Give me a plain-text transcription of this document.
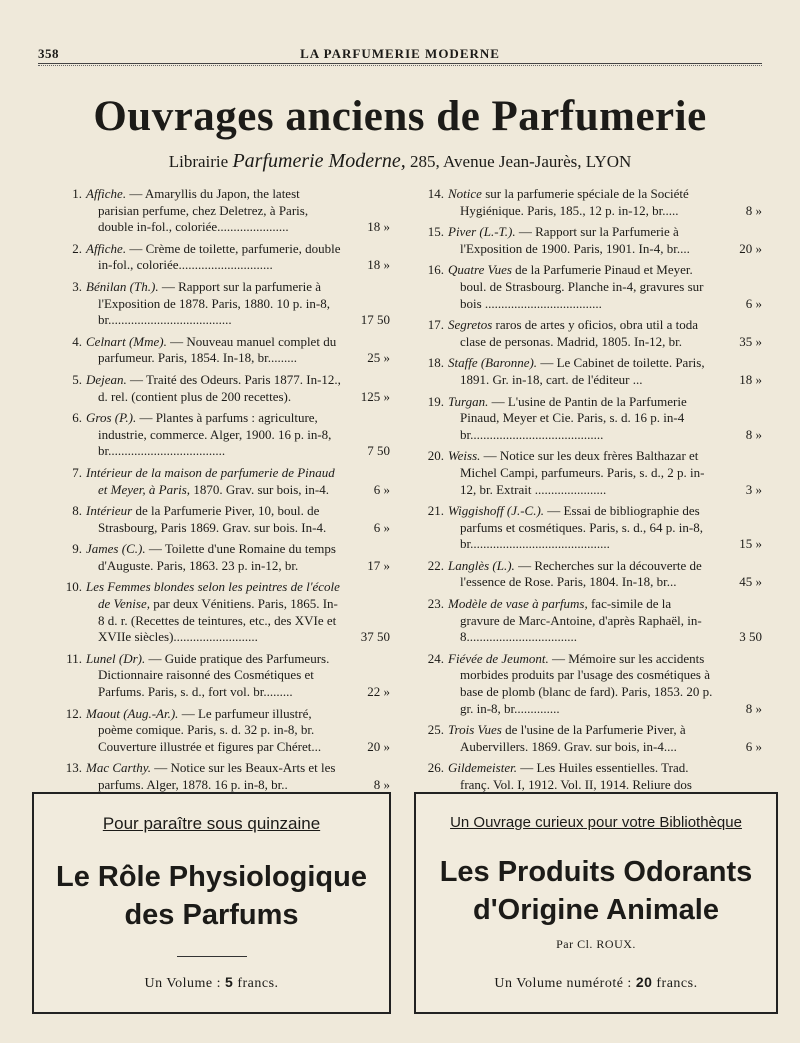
358	LA PARFUMERIE MODERNE
Ouvrages anciens de Parfumerie
Librairie Parfumerie Moderne, 285, Avenue Jean-Jaurès, LYON
1. Affiche. — Amaryllis du Japon, the latest parisian perfume, chez Deletrez, à Paris, double in-fol., coloriée......................	18 »
2. Affiche. — Crème de toilette, parfumerie, double in-fol., coloriée.............................	18 »
3. Bénilan (Th.). — Rapport sur la parfumerie à l'Exposition de 1878. Paris, 1880. 10 p. in-8, br......................................	17 50
4. Celnart (Mme). — Nouveau manuel complet du parfumeur. Paris, 1854. In-18, br.........	25 »
5. Dejean. — Traité des Odeurs. Paris 1877. In-12., d. rel. (contient plus de 200 recettes).	125 »
6. Gros (P.). — Plantes à parfums : agriculture, industrie, commerce. Alger, 1900. 16 p. in-8, br....................................	7 50
7. Intérieur de la maison de parfumerie de Pinaud et Meyer, à Paris, 1870. Grav. sur bois, in-4.	6 »
8. Intérieur de la Parfumerie Piver, 10, boul. de Strasbourg, Paris 1869. Grav. sur bois. In-4.	6 »
9. James (C.). — Toilette d'une Romaine du temps d'Auguste. Paris, 1863. 23 p. in-12, br.	17 »
10. Les Femmes blondes selon les peintres de l'école de Venise, par deux Vénitiens. Paris, 1865. In-8 d. r. (Recettes de teintures, etc., des XVIe et XVIIe siècles)..........................	37 50
11. Lunel (Dr). — Guide pratique des Parfumeurs. Dictionnaire raisonné des Cosmétiques et Parfums. Paris, s. d., fort vol. br.........	22 »
12. Maout (Aug.-Ar.). — Le parfumeur illustré, poème comique. Paris, s. d. 32 p. in-8, br. Couverture illustrée et figures par Chéret...	20 »
13. Mac Carthy. — Notice sur les Beaux-Arts et les parfums. Alger, 1878. 16 p. in-8, br..	8 »
14. Notice sur la parfumerie spéciale de la Société Hygiénique. Paris, 185., 12 p. in-12, br.....	8 »
15. Piver (L.-T.). — Rapport sur la Parfumerie à l'Exposition de 1900. Paris, 1901. In-4, br....	20 »
16. Quatre Vues de la Parfumerie Pinaud et Meyer. boul. de Strasbourg. Planche in-4, gravures sur bois ....................................	6 »
17. Segretos raros de artes y oficios, obra util a toda clase de personas. Madrid, 1805. In-12, br.	35 »
18. Staffe (Baronne). — Le Cabinet de toilette. Paris, 1891. Gr. in-18, cart. de l'éditeur ...	18 »
19. Turgan. — L'usine de Pantin de la Parfumerie Pinaud, Meyer et Cie. Paris, s. d. 16 p. in-4 br.........................................	8 »
20. Weiss. — Notice sur les deux frères Balthazar et Michel Campi, parfumeurs. Paris, s. d., 2 p. in-12, br. Extrait ......................	3 »
21. Wiggishoff (J.-C.). — Essai de bibliographie des parfums et cosmétiques. Paris, s. d., 64 p. in-8, br...........................................	15 »
22. Langlès (L.). — Recherches sur la découverte de l'essence de Rose. Paris, 1804. In-18, br...	45 »
23. Modèle de vase à parfums, fac-simile de la gravure de Marc-Antoine, d'après Raphaël, in-8..................................	3 50
24. Fiévée de Jeumont. — Mémoire sur les accidents morbides produits par l'usage des cosmétiques à base de plomb (blanc de fard). Paris, 1853. 20 p. gr. in-8, br..............	8 »
25. Trois Vues de l'usine de la Parfumerie Piver, à Aubervillers. 1869. Grav. sur bois, in-4....	6 »
26. Gildemeister. — Les Huiles essentielles. Trad. franç. Vol. I, 1912. Vol. II, 1914. Reliure dos
Pour paraître sous quinzaine
Le Rôle Physiologique
des Parfums
Un Volume : 5 francs.
Un Ouvrage curieux pour votre Bibliothèque
Les Produits Odorants
d'Origine Animale
Par Cl. ROUX.
Un Volume numéroté : 20 francs.
